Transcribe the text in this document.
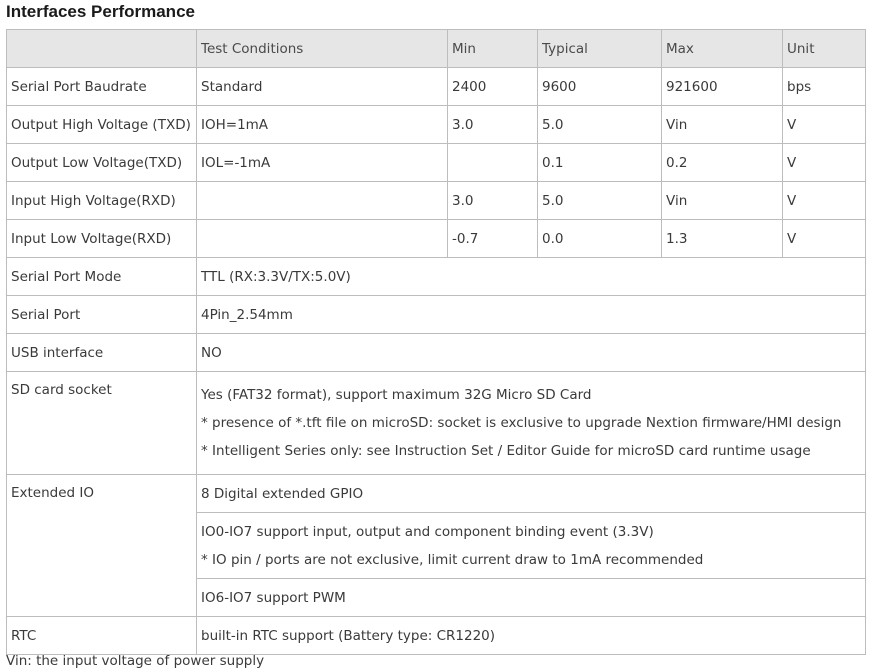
Interfaces Performance
	Test Conditions	Min	Typical	Max	Unit
Serial Port Baudrate	Standard	2400	9600	921600	bps
Output High Voltage (TXD)	IOH=1mA	3.0	5.0	Vin	V
Output Low Voltage(TXD)	IOL=-1mA		0.1	0.2	V
Input High Voltage(RXD)		3.0	5.0	Vin	V
Input Low Voltage(RXD)		-0.7	0.0	1.3	V
Serial Port Mode	TTL (RX:3.3V/TX:5.0V)				
Serial Port	4Pin_2.54mm				
USB interface	NO				
SD card socket	Yes (FAT32 format), support maximum 32G Micro SD Card
* presence of *.tft file on microSD: socket is exclusive to upgrade Nextion firmware/HMI design
* Intelligent Series only: see Instruction Set / Editor Guide for microSD card runtime usage				

Extended IO	8 Digital extended GPIO				

	IO0-IO7 support input, output and component binding event (3.3V)
* IO pin / ports are not exclusive, limit current draw to 1mA recommended				

	IO6-IO7 support PWM				
RTC	built-in RTC support (Battery type: CR1220)				

Vin: the input voltage of power supply
